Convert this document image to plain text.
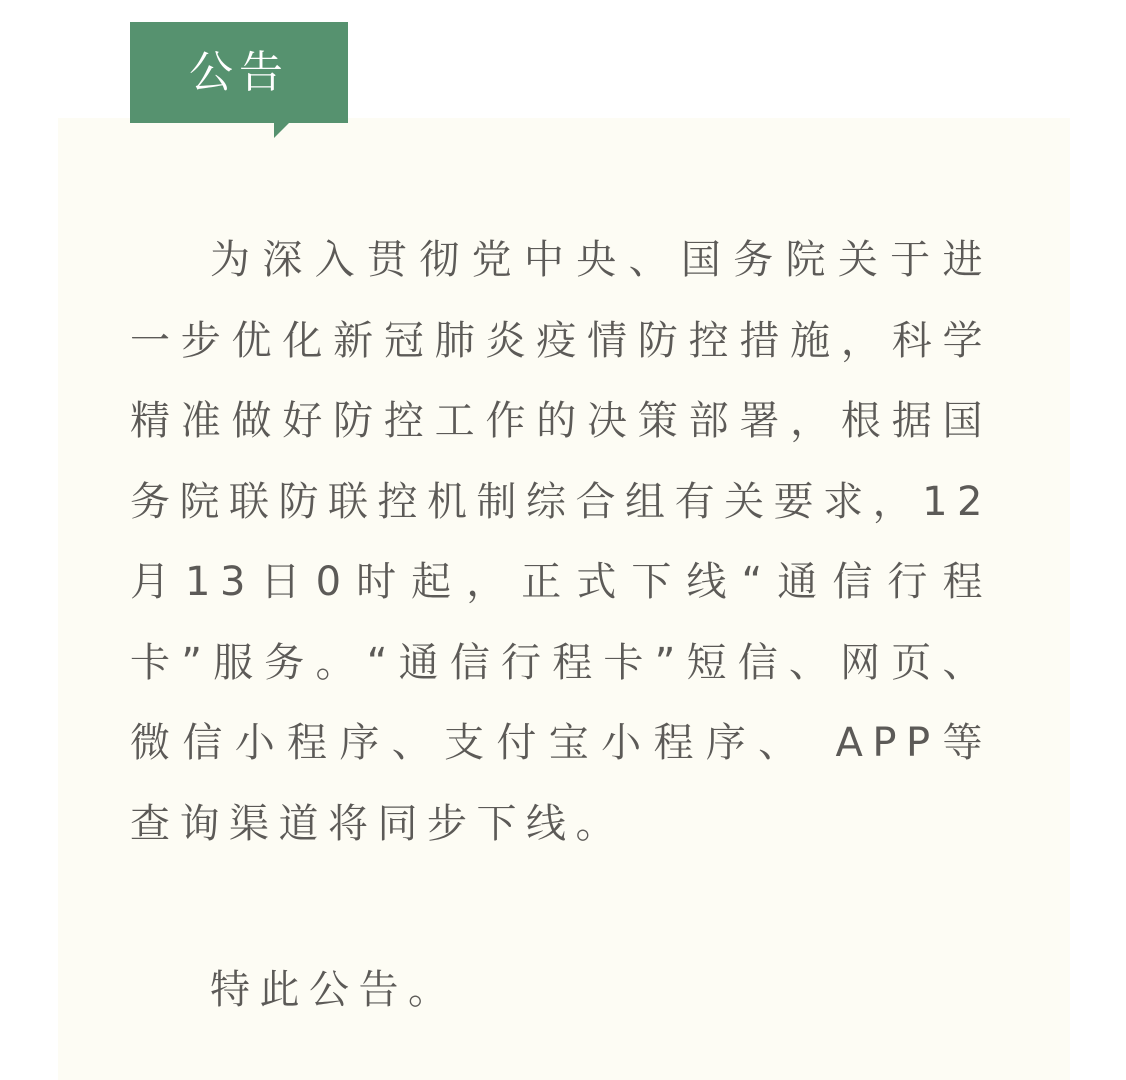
公告

为深入贯彻党中央、国务院关于进一步优化新冠肺炎疫情防控措施，科学精准做好防控工作的决策部署，根据国务院联防联控机制综合组有关要求，12月13日0时起，正式下线“通信行程卡”服务。“通信行程卡”短信、网页、微信小程序、支付宝小程序、 APP等查询渠道将同步下线。

特此公告。
